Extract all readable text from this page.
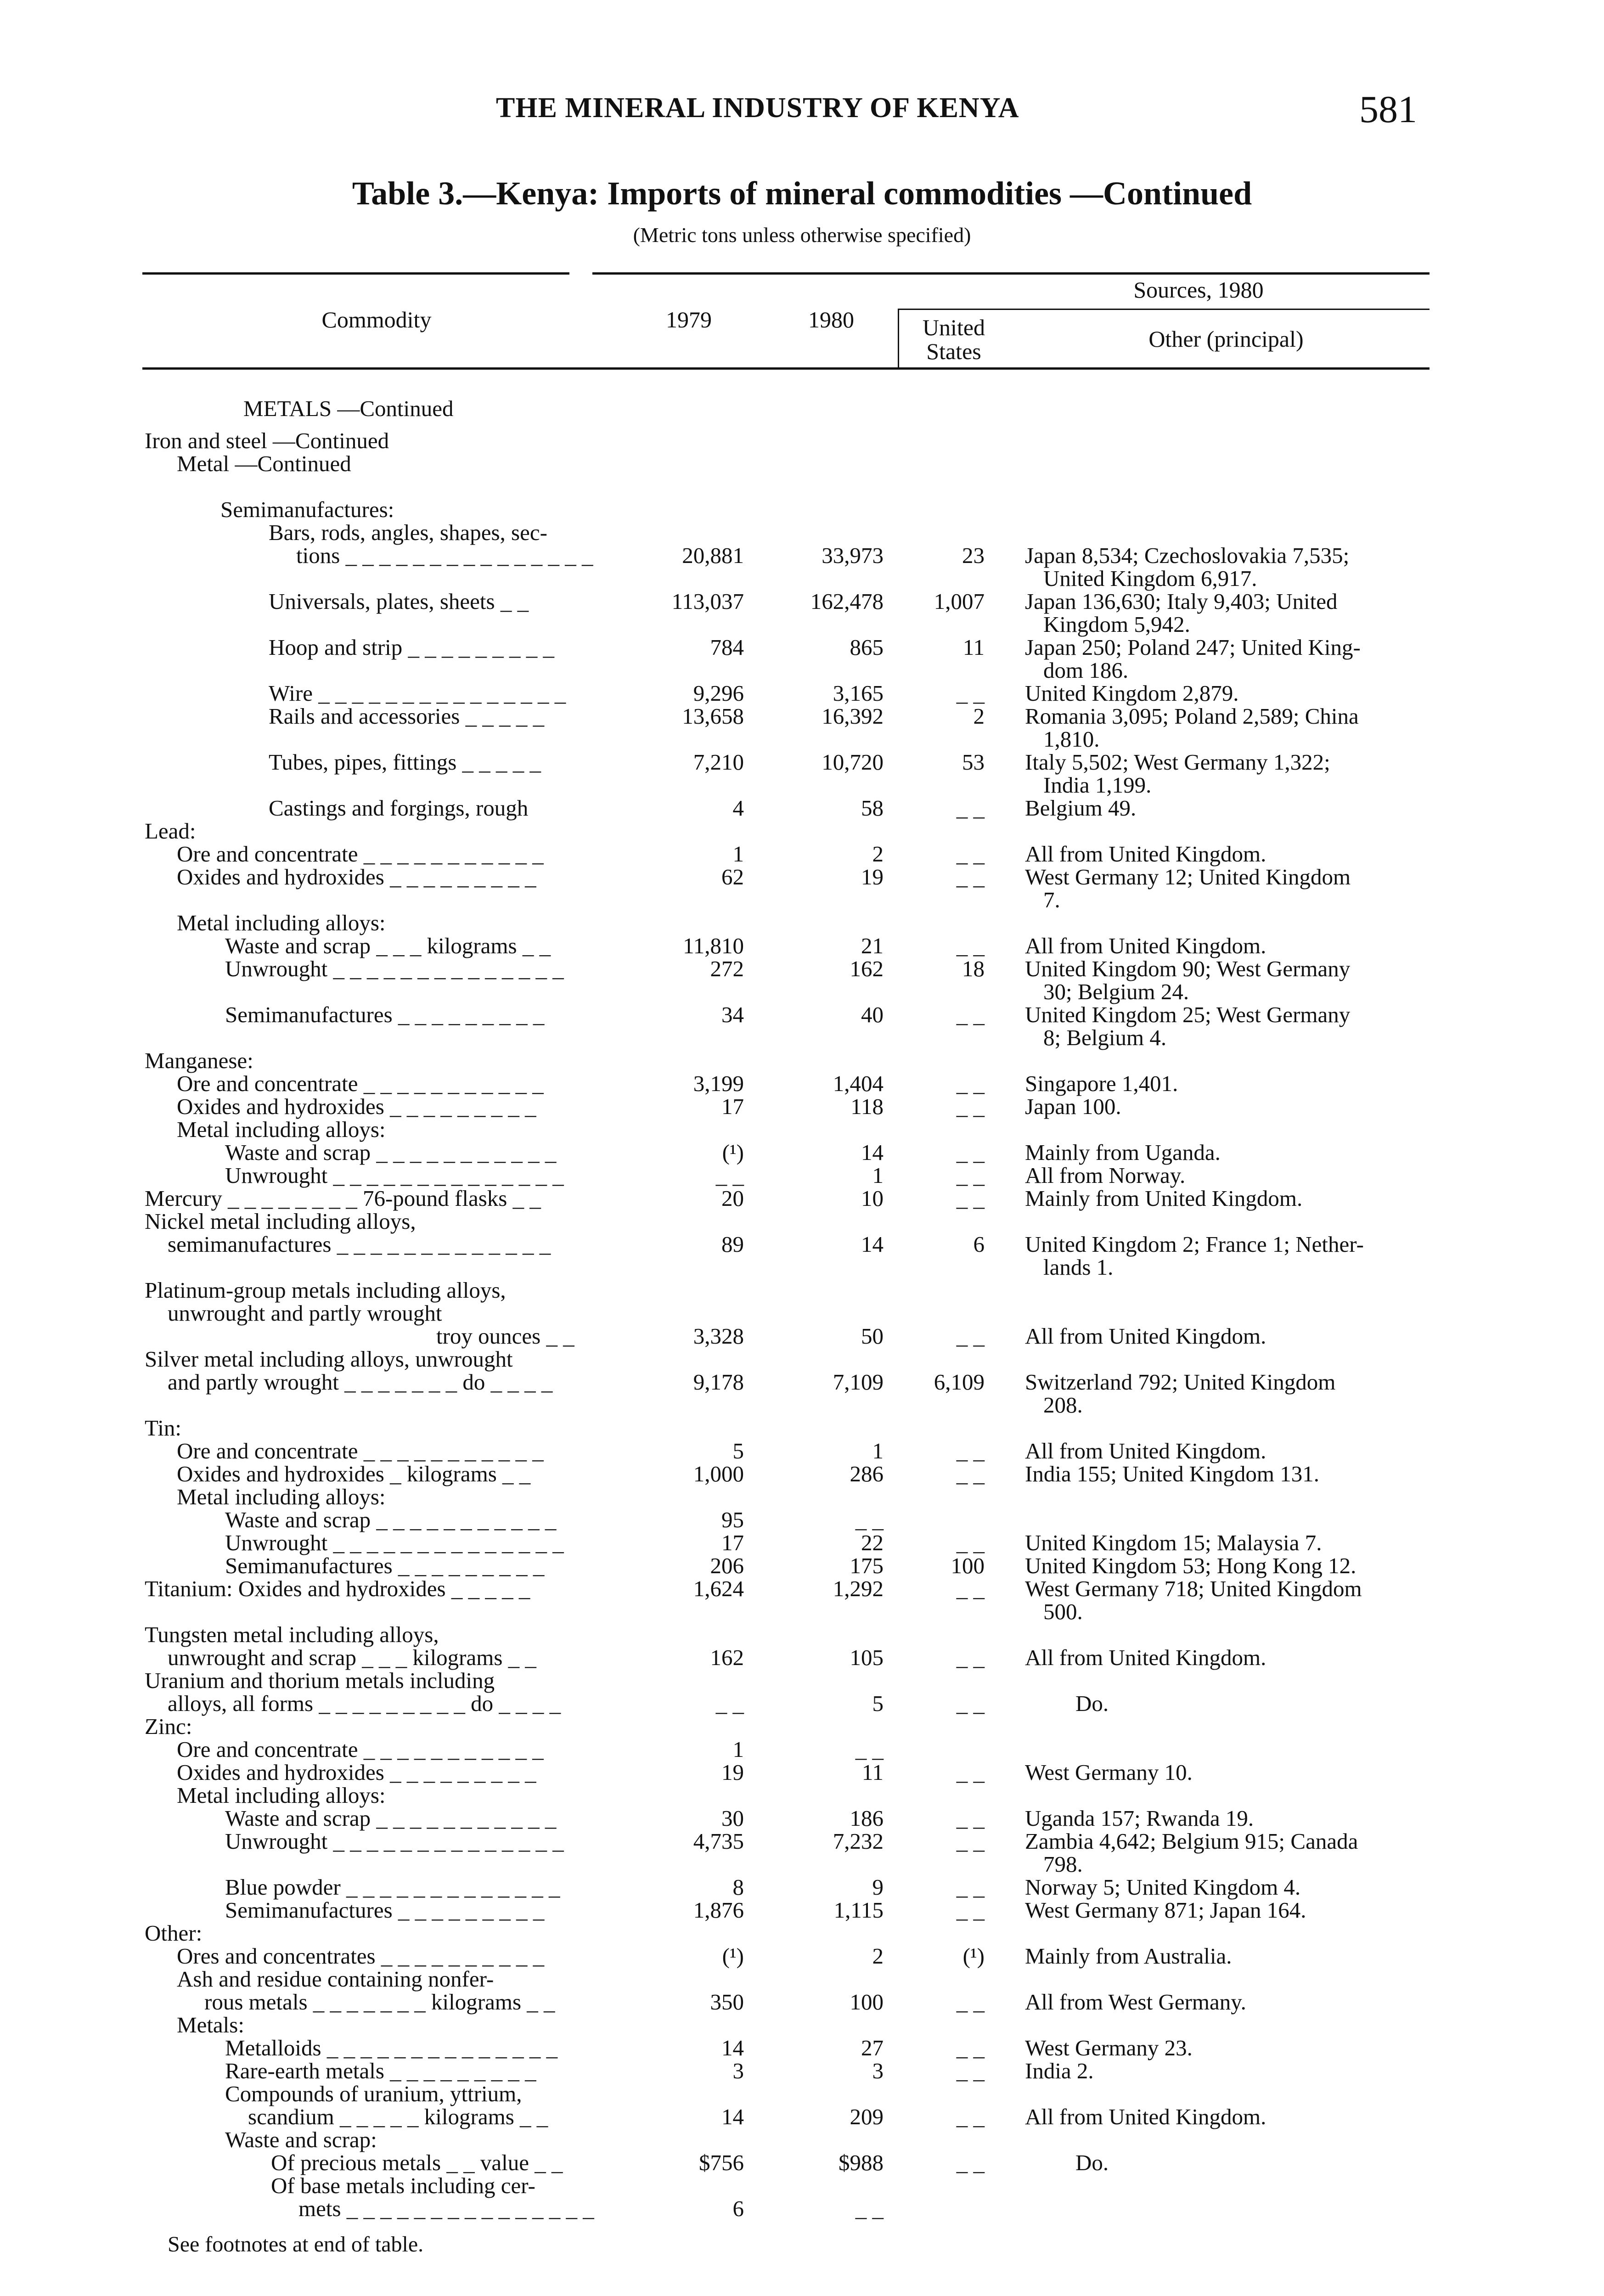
THE MINERAL INDUSTRY OF KENYA	581
Table 3.—Kenya: Imports of mineral commodities —Continued
(Metric tons unless otherwise specified)
Commodity	1979	1980
Sources, 1980
United
States	Other (principal)
METALS —Continued
Iron and steel —Continued
Metal —Continued
Semimanufactures:
Bars, rods, angles, shapes, sec-
tions _ _ _ _ _ _ _ _ _ _ _ _ _ _ _	20,881	33,973	23 Japan 8,534; Czechoslovakia 7,535;
United Kingdom 6,917.
Universals, plates, sheets _ _	113,037	162,478	1,007 Japan 136,630; Italy 9,403; United
Kingdom 5,942.
Hoop and strip _ _ _ _ _ _ _ _ _	784	865	11 Japan 250; Poland 247; United King-
dom 186.
Wire _ _ _ _ _ _ _ _ _ _ _ _ _ _ _	9,296	3,165	_ _ United Kingdom 2,879.
Rails and accessories _ _ _ _ _	13,658	16,392	2 Romania 3,095; Poland 2,589; China
1,810.
Tubes, pipes, fittings _ _ _ _ _	7,210	10,720	53 Italy 5,502; West Germany 1,322;
India 1,199.
Castings and forgings, rough	4	58	_ _ Belgium 49.
Lead:
Ore and concentrate _ _ _ _ _ _ _ _ _ _ _	1	2	_ _ All from United Kingdom.
Oxides and hydroxides _ _ _ _ _ _ _ _ _	62	19	_ _ West Germany 12; United Kingdom
7.
Metal including alloys:
Waste and scrap _ _ _ kilograms _ _	11,810	21	_ _ All from United Kingdom.
Unwrought _ _ _ _ _ _ _ _ _ _ _ _ _ _	272	162	18 United Kingdom 90; West Germany
30; Belgium 24.
Semimanufactures _ _ _ _ _ _ _ _ _	34	40	_ _ United Kingdom 25; West Germany
8; Belgium 4.
Manganese:
Ore and concentrate _ _ _ _ _ _ _ _ _ _ _	3,199	1,404	_ _ Singapore 1,401.
Oxides and hydroxides _ _ _ _ _ _ _ _ _	17	118	_ _ Japan 100.
Metal including alloys:
Waste and scrap _ _ _ _ _ _ _ _ _ _ _	(¹)	14	_ _ Mainly from Uganda.
Unwrought _ _ _ _ _ _ _ _ _ _ _ _ _ _	_ _	1	_ _ All from Norway.
Mercury _ _ _ _ _ _ _ _ 76-pound flasks _ _	20	10	_ _ Mainly from United Kingdom.
Nickel metal including alloys,
semimanufactures _ _ _ _ _ _ _ _ _ _ _ _ _	89	14	6 United Kingdom 2; France 1; Nether-
lands 1.
Platinum-group metals including alloys,
unwrought and partly wrought
troy ounces _ _	3,328	50	_ _ All from United Kingdom.
Silver metal including alloys, unwrought
and partly wrought _ _ _ _ _ _ _ do _ _ _ _	9,178	7,109	6,109 Switzerland 792; United Kingdom
208.
Tin:
Ore and concentrate _ _ _ _ _ _ _ _ _ _ _	5	1	_ _ All from United Kingdom.
Oxides and hydroxides _ kilograms _ _	1,000	286	_ _ India 155; United Kingdom 131.
Metal including alloys:
Waste and scrap _ _ _ _ _ _ _ _ _ _ _	95	_ _
Unwrought _ _ _ _ _ _ _ _ _ _ _ _ _ _	17	22	_ _ United Kingdom 15; Malaysia 7.
Semimanufactures _ _ _ _ _ _ _ _ _	206	175	100 United Kingdom 53; Hong Kong 12.
Titanium: Oxides and hydroxides _ _ _ _ _	1,624	1,292	_ _ West Germany 718; United Kingdom
500.
Tungsten metal including alloys,
unwrought and scrap _ _ _ kilograms _ _	162	105	_ _ All from United Kingdom.
Uranium and thorium metals including
alloys, all forms _ _ _ _ _ _ _ _ _ do _ _ _ _	_ _	5	_ _	Do.
Zinc:
Ore and concentrate _ _ _ _ _ _ _ _ _ _ _	1	_ _
Oxides and hydroxides _ _ _ _ _ _ _ _ _	19	11	_ _ West Germany 10.
Metal including alloys:
Waste and scrap _ _ _ _ _ _ _ _ _ _ _	30	186	_ _ Uganda 157; Rwanda 19.
Unwrought _ _ _ _ _ _ _ _ _ _ _ _ _ _	4,735	7,232	_ _ Zambia 4,642; Belgium 915; Canada
798.
Blue powder _ _ _ _ _ _ _ _ _ _ _ _ _	8	9	_ _ Norway 5; United Kingdom 4.
Semimanufactures _ _ _ _ _ _ _ _ _	1,876	1,115	_ _ West Germany 871; Japan 164.
Other:
Ores and concentrates _ _ _ _ _ _ _ _ _ _	(¹)	2	(¹) Mainly from Australia.
Ash and residue containing nonfer-
rous metals _ _ _ _ _ _ _ kilograms _ _	350	100	_ _ All from West Germany.
Metals:
Metalloids _ _ _ _ _ _ _ _ _ _ _ _ _ _	14	27	_ _ West Germany 23.
Rare-earth metals _ _ _ _ _ _ _ _ _	3	3	_ _ India 2.
Compounds of uranium, yttrium,
scandium _ _ _ _ _ kilograms _ _	14	209	_ _ All from United Kingdom.
Waste and scrap:
Of precious metals _ _ value _ _	$756	$988	_ _	Do.
Of base metals including cer-
mets _ _ _ _ _ _ _ _ _ _ _ _ _ _ _	6	_ _
See footnotes at end of table.
